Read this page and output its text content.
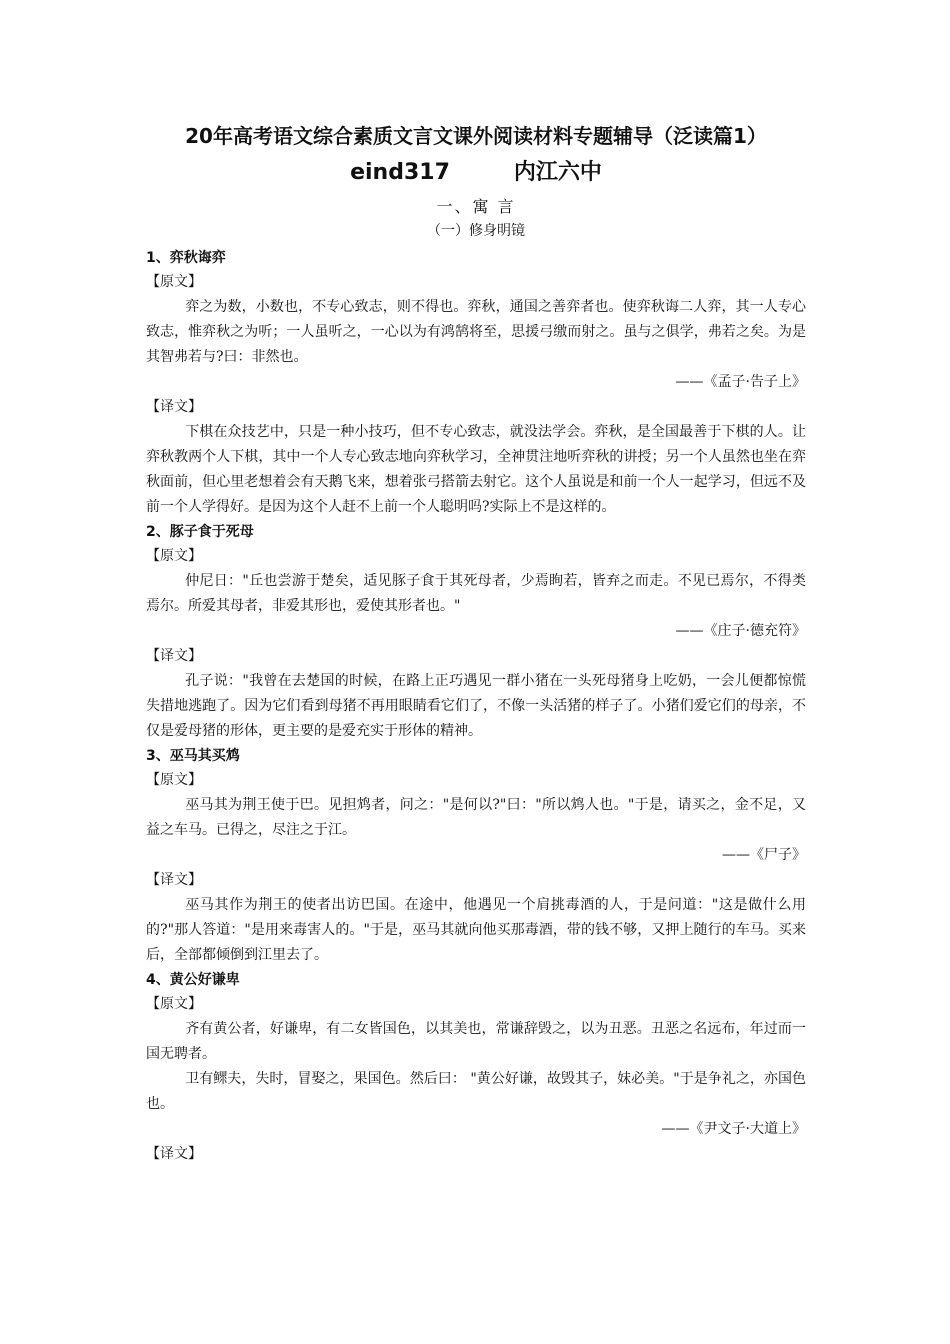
20年高考语文综合素质文言文课外阅读材料专题辅导（泛读篇1）
eind317	内江六中
一、寓 言
（一）修身明镜
1、弈秋诲弈
【原文】

弈之为数，小数也，不专心致志，则不得也。弈秋，通国之善弈者也。使弈秋诲二人弈，其一人专心致志，惟弈秋之为听；一人虽听之，一心以为有鸿鹄将至，思援弓缴而射之。虽与之俱学，弗若之矣。为是其智弗若与?曰：非然也。

——《孟子·告子上》
【译文】

下棋在众技艺中，只是一种小技巧，但不专心致志，就没法学会。弈秋，是全国最善于下棋的人。让弈秋教两个人下棋，其中一个人专心致志地向弈秋学习，全神贯注地听弈秋的讲授；另一个人虽然也坐在弈秋面前，但心里老想着会有天鹅飞来，想着张弓搭箭去射它。这个人虽说是和前一个人一起学习，但远不及前一个人学得好。是因为这个人赶不上前一个人聪明吗?实际上不是这样的。

2、豚子食于死母
【原文】

仲尼日："丘也尝游于楚矣，适见豚子食于其死母者，少焉眴若，皆弃之而走。不见已焉尔，不得类焉尔。所爱其母者，非爱其形也，爱使其形者也。"

——《庄子·德充符》
【译文】

孔子说："我曾在去楚国的时候，在路上正巧遇见一群小猪在一头死母猪身上吃奶，一会儿便都惊慌失措地逃跑了。因为它们看到母猪不再用眼睛看它们了，不像一头活猪的样子了。小猪们爱它们的母亲，不仅是爱母猪的形体，更主要的是爱充实于形体的精神。

3、巫马其买鸩
【原文】

巫马其为荆王使于巴。见担鸩者，问之："是何以?"曰："所以鸩人也。"于是，请买之，金不足，又益之车马。已得之，尽注之于江。

——《尸子》
【译文】

巫马其作为荆王的使者出访巴国。在途中，他遇见一个肩挑毒酒的人，于是问道："这是做什么用的?"那人答道："是用来毒害人的。"于是，巫马其就向他买那毒酒，带的钱不够，又押上随行的车马。买来后，全部都倾倒到江里去了。

4、黄公好谦卑
【原文】

齐有黄公者，好谦卑，有二女皆国色，以其美也，常谦辞毁之，以为丑恶。丑恶之名远布，年过而一国无聘者。

卫有鳏夫，失时，冒娶之，果国色。然后曰： "黄公好谦，故毁其子，妹必美。"于是争礼之，亦国色也。

——《尹文子·大道上》
【译文】
